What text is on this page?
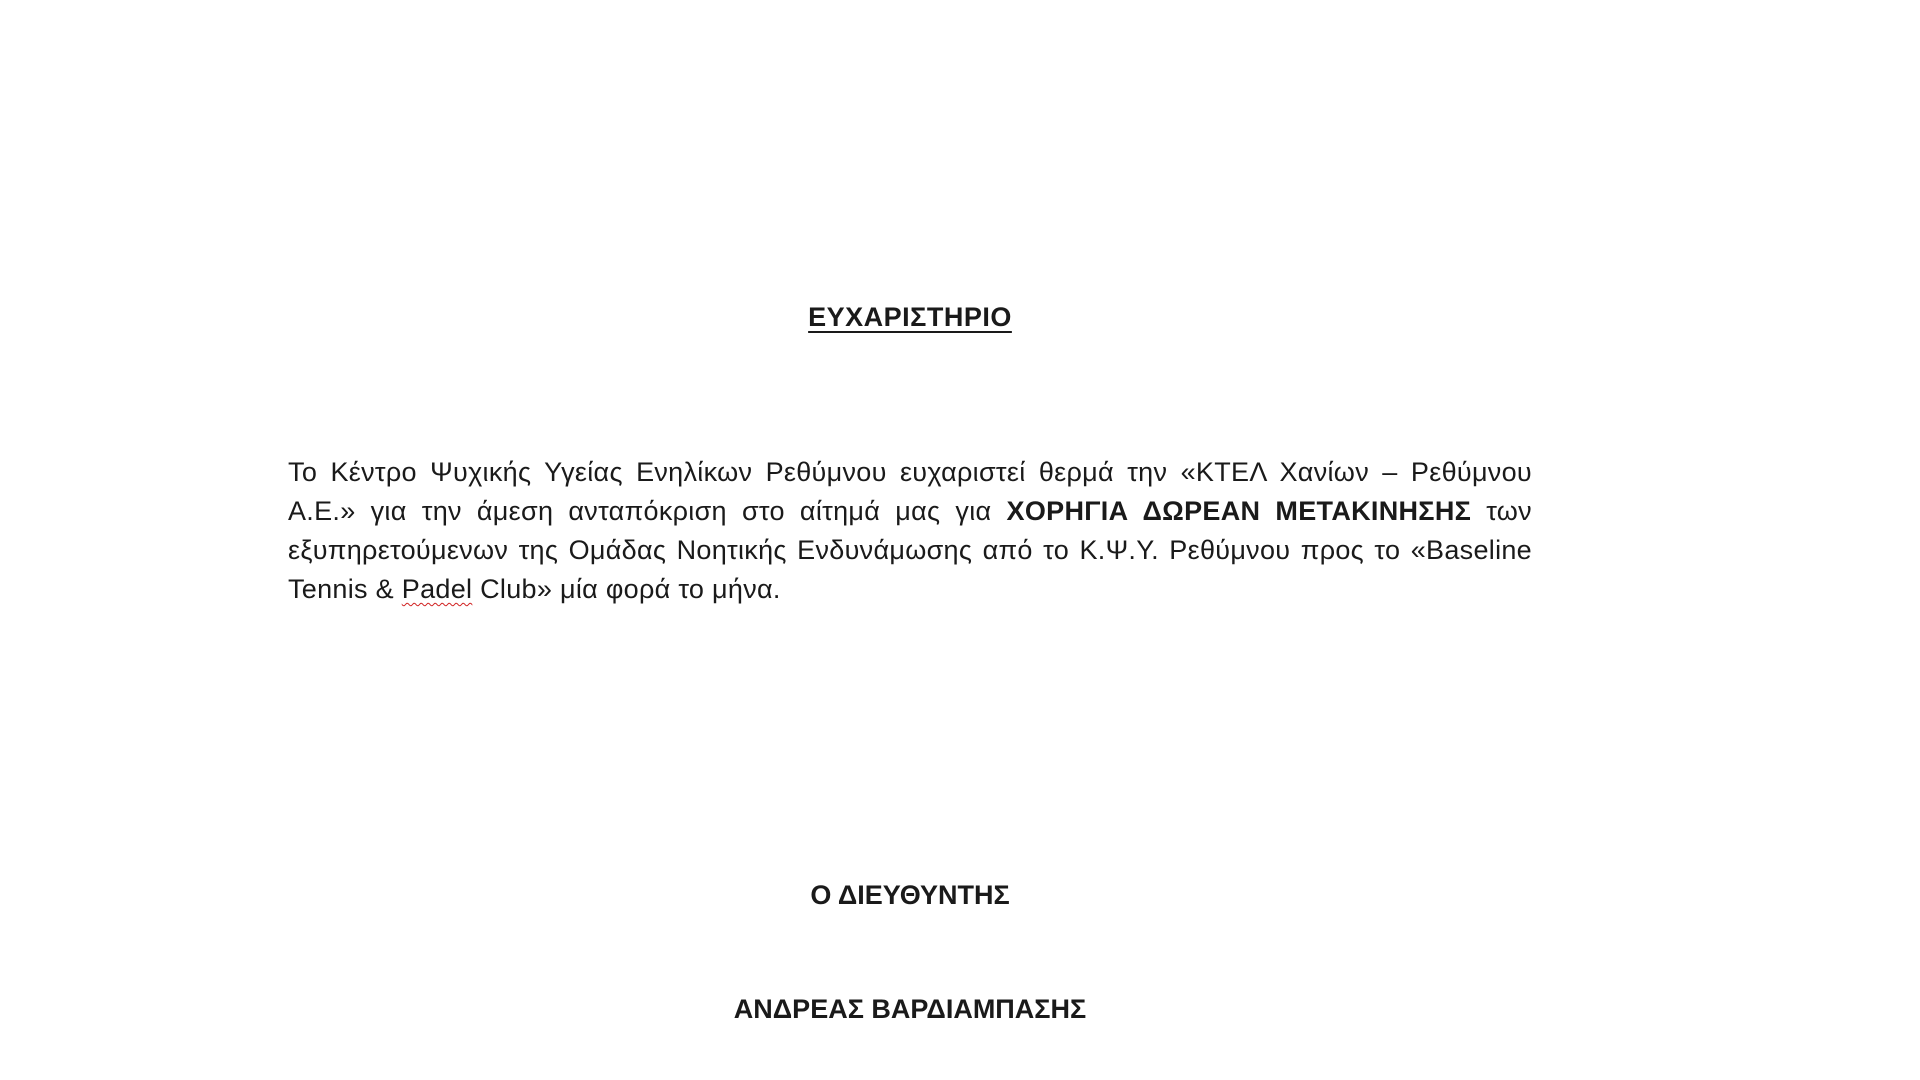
ΕΥΧΑΡΙΣΤΗΡΙΟ

Το Κέντρο Ψυχικής Υγείας Ενηλίκων Ρεθύμνου ευχαριστεί θερμά την «ΚΤΕΛ Χανίων – Ρεθύμνου Α.Ε.» για την άμεση ανταπόκριση στο αίτημά μας για ΧΟΡΗΓΙΑ ΔΩΡΕΑΝ ΜΕΤΑΚΙΝΗΣΗΣ των εξυπηρετούμενων της Ομάδας Νοητικής Ενδυνάμωσης από το Κ.Ψ.Υ. Ρεθύμνου προς το «Baseline Tennis & Padel Club» μία φορά το μήνα.

Ο ΔΙΕΥΘΥΝΤΗΣ
ΑΝΔΡΕΑΣ ΒΑΡΔΙΑΜΠΑΣΗΣ
